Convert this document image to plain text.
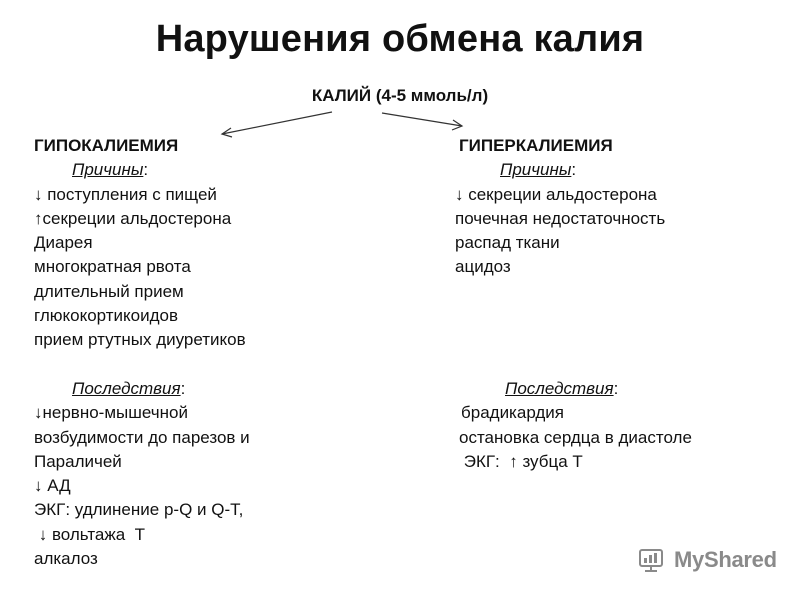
Нарушения обмена калия
КАЛИЙ (4-5 ммоль/л)
ГИПОКАЛИЕМИЯ
Причины:
↓ поступления с пищей
↑секреции альдостерона
Диарея
многократная рвота
длительный прием
глюкокортикоидов
прием ртутных диуретиков
Последствия:
↓нервно-мышечной
возбудимости до парезов и
Параличей
↓ АД
ЭКГ: удлинение p-Q и Q-T,
↓ вольтажа  Т
алкалоз
ГИПЕРКАЛИЕМИЯ
Причины:
↓ секреции альдостерона
почечная недостаточность
распад ткани
ацидоз
Последствия:
брадикардия
остановка сердца в диастоле
ЭКГ:  ↑ зубца Т
MyShared
